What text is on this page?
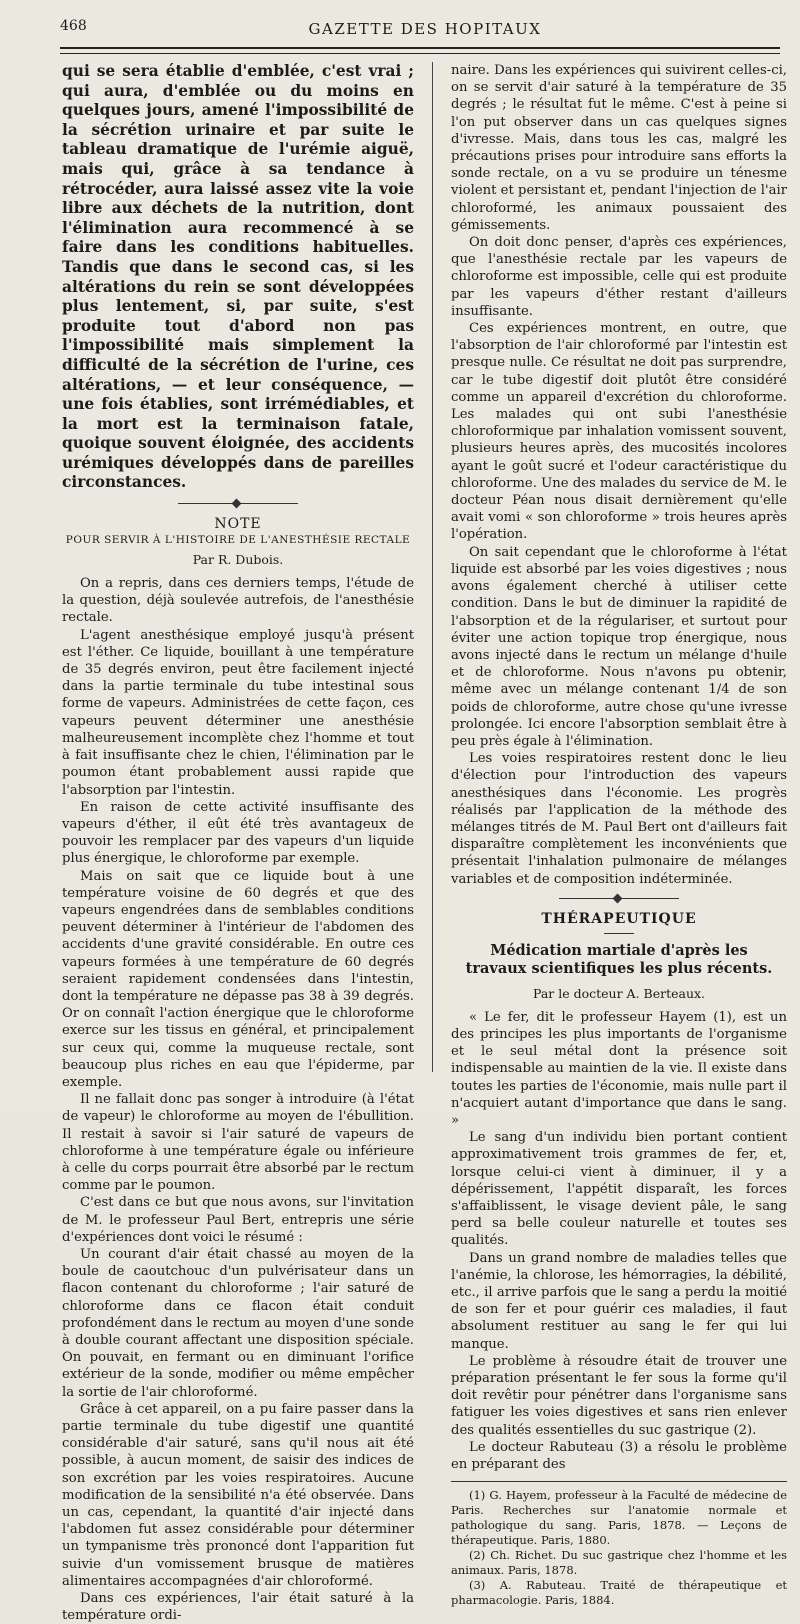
468	GAZETTE DES HOPITAUX

qui se sera établie d'emblée, c'est vrai ; qui aura, d'emblée ou du moins en quelques jours, amené l'impossibilité de la sécrétion urinaire et par suite le tableau dramatique de l'urémie aiguë, mais qui, grâce à sa tendance à rétrocéder, aura laissé assez vite la voie libre aux déchets de la nutrition, dont l'élimination aura recommencé à se faire dans les conditions habituelles. Tandis que dans le second cas, si les altérations du rein se sont développées plus lentement, si, par suite, s'est produite tout d'abord non pas l'impossibilité mais simplement la difficulté de la sécrétion de l'urine, ces altérations, — et leur conséquence, — une fois établies, sont irrémédiables, et la mort est la terminaison fatale, quoique souvent éloignée, des accidents urémiques développés dans de pareilles circonstances.

NOTE
POUR SERVIR À L'HISTOIRE DE L'ANESTHÉSIE RECTALE
Par R. Dubois.

On a repris, dans ces derniers temps, l'étude de la question, déjà soulevée autrefois, de l'anesthésie rectale.

L'agent anesthésique employé jusqu'à présent est l'éther. Ce liquide, bouillant à une température de 35 degrés environ, peut être facilement injecté dans la partie terminale du tube intestinal sous forme de vapeurs. Administrées de cette façon, ces vapeurs peuvent déterminer une anesthésie malheureusement incomplète chez l'homme et tout à fait insuffisante chez le chien, l'élimination par le poumon étant probablement aussi rapide que l'absorption par l'intestin.

En raison de cette activité insuffisante des vapeurs d'éther, il eût été très avantageux de pouvoir les remplacer par des vapeurs d'un liquide plus énergique, le chloroforme par exemple.

Mais on sait que ce liquide bout à une température voisine de 60 degrés et que des vapeurs engendrées dans de semblables conditions peuvent déterminer à l'intérieur de l'abdomen des accidents d'une gravité considérable. En outre ces vapeurs formées à une température de 60 degrés seraient rapidement condensées dans l'intestin, dont la température ne dépasse pas 38 à 39 degrés. Or on connaît l'action énergique que le chloroforme exerce sur les tissus en général, et principalement sur ceux qui, comme la muqueuse rectale, sont beaucoup plus riches en eau que l'épiderme, par exemple.

Il ne fallait donc pas songer à introduire (à l'état de vapeur) le chloroforme au moyen de l'ébullition. Il restait à savoir si l'air saturé de vapeurs de chloroforme à une température égale ou inférieure à celle du corps pourrait être absorbé par le rectum comme par le poumon.

C'est dans ce but que nous avons, sur l'invitation de M. le professeur Paul Bert, entrepris une série d'expériences dont voici le résumé :

Un courant d'air était chassé au moyen de la boule de caoutchouc d'un pulvérisateur dans un flacon contenant du chloroforme ; l'air saturé de chloroforme dans ce flacon était conduit profondément dans le rectum au moyen d'une sonde à double courant affectant une disposition spéciale. On pouvait, en fermant ou en diminuant l'orifice extérieur de la sonde, modifier ou même empêcher la sortie de l'air chloroformé.

Grâce à cet appareil, on a pu faire passer dans la partie terminale du tube digestif une quantité considérable d'air saturé, sans qu'il nous ait été possible, à aucun moment, de saisir des indices de son excrétion par les voies respiratoires. Aucune modification de la sensibilité n'a été observée. Dans un cas, cependant, la quantité d'air injecté dans l'abdomen fut assez considérable pour déterminer un tympanisme très prononcé dont l'apparition fut suivie d'un vomissement brusque de matières alimentaires accompagnées d'air chloroformé.

Dans ces expériences, l'air était saturé à la température ordi-

naire. Dans les expériences qui suivirent celles-ci, on se servit d'air saturé à la température de 35 degrés ; le résultat fut le même. C'est à peine si l'on put observer dans un cas quelques signes d'ivresse. Mais, dans tous les cas, malgré les précautions prises pour introduire sans efforts la sonde rectale, on a vu se produire un ténesme violent et persistant et, pendant l'injection de l'air chloroformé, les animaux poussaient des gémissements.

On doit donc penser, d'après ces expériences, que l'anesthésie rectale par les vapeurs de chloroforme est impossible, celle qui est produite par les vapeurs d'éther restant d'ailleurs insuffisante.

Ces expériences montrent, en outre, que l'absorption de l'air chloroformé par l'intestin est presque nulle. Ce résultat ne doit pas surprendre, car le tube digestif doit plutôt être considéré comme un appareil d'excrétion du chloroforme. Les malades qui ont subi l'anesthésie chloroformique par inhalation vomissent souvent, plusieurs heures après, des mucosités incolores ayant le goût sucré et l'odeur caractéristique du chloroforme. Une des malades du service de M. le docteur Péan nous disait dernièrement qu'elle avait vomi « son chloroforme » trois heures après l'opération.

On sait cependant que le chloroforme à l'état liquide est absorbé par les voies digestives ; nous avons également cherché à utiliser cette condition. Dans le but de diminuer la rapidité de l'absorption et de la régulariser, et surtout pour éviter une action topique trop énergique, nous avons injecté dans le rectum un mélange d'huile et de chloroforme. Nous n'avons pu obtenir, même avec un mélange contenant 1/4 de son poids de chloroforme, autre chose qu'une ivresse prolongée. Ici encore l'absorption semblait être à peu près égale à l'élimination.

Les voies respiratoires restent donc le lieu d'élection pour l'introduction des vapeurs anesthésiques dans l'économie. Les progrès réalisés par l'application de la méthode des mélanges titrés de M. Paul Bert ont d'ailleurs fait disparaître complètement les inconvénients que présentait l'inhalation pulmonaire de mélanges variables et de composition indéterminée.

THÉRAPEUTIQUE
Médication martiale d'après les travaux scientifiques les plus récents.
Par le docteur A. Berteaux.

« Le fer, dit le professeur Hayem (1), est un des principes les plus importants de l'organisme et le seul métal dont la présence soit indispensable au maintien de la vie. Il existe dans toutes les parties de l'économie, mais nulle part il n'acquiert autant d'importance que dans le sang. »

Le sang d'un individu bien portant contient approximativement trois grammes de fer, et, lorsque celui-ci vient à diminuer, il y a dépérissement, l'appétit disparaît, les forces s'affaiblissent, le visage devient pâle, le sang perd sa belle couleur naturelle et toutes ses qualités.

Dans un grand nombre de maladies telles que l'anémie, la chlorose, les hémorragies, la débilité, etc., il arrive parfois que le sang a perdu la moitié de son fer et pour guérir ces maladies, il faut absolument restituer au sang le fer qui lui manque.

Le problème à résoudre était de trouver une préparation présentant le fer sous la forme qu'il doit revêtir pour pénétrer dans l'organisme sans fatiguer les voies digestives et sans rien enlever des qualités essentielles du suc gastrique (2).

Le docteur Rabuteau (3) a résolu le problème en préparant des

(1) G. Hayem, professeur à la Faculté de médecine de Paris. Recherches sur l'anatomie normale et pathologique du sang. Paris, 1878. — Leçons de thérapeutique. Paris, 1880.

(2) Ch. Richet. Du suc gastrique chez l'homme et les animaux. Paris, 1878.

(3) A. Rabuteau. Traité de thérapeutique et pharmacologie. Paris, 1884.
